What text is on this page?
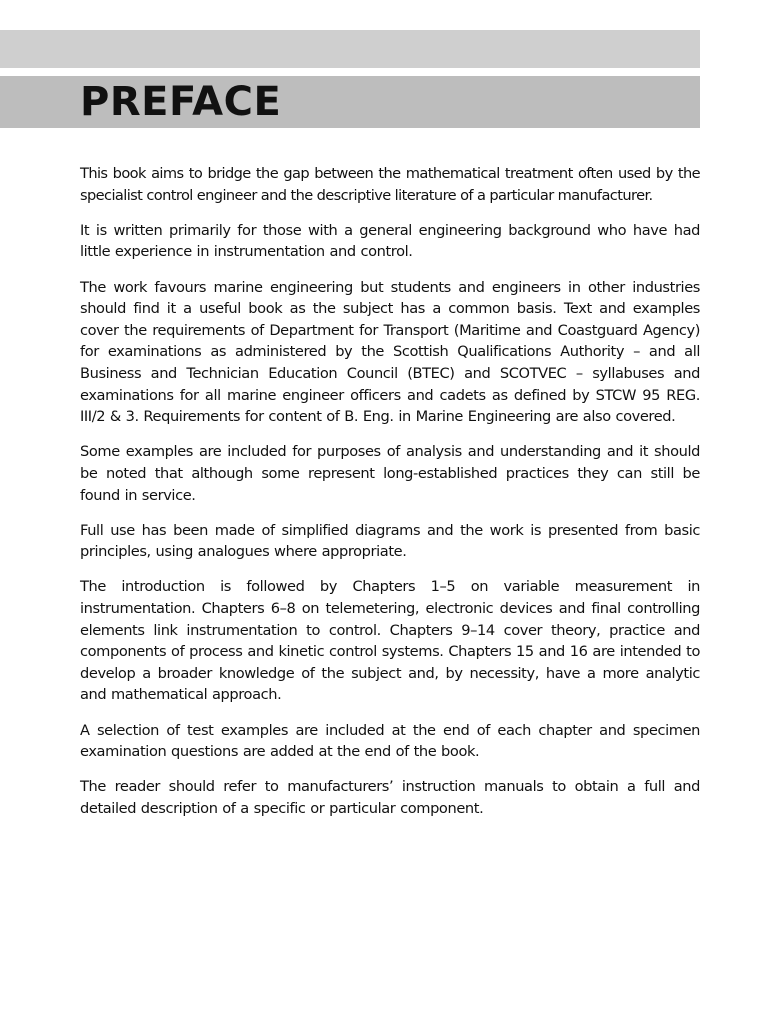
PREFACE

This book aims to bridge the gap between the mathematical treatment often used by the specialist control engineer and the descriptive literature of a particular manufacturer.

It is written primarily for those with a general engineering background who have had little experience in instrumentation and control.

The work favours marine engineering but students and engineers in other industries should find it a useful book as the subject has a common basis. Text and examples cover the requirements of Department for Transport (Maritime and Coastguard Agency) for examinations as administered by the Scottish Qualifications Authority – and all Business and Technician Education Council (BTEC) and SCOTVEC – syllabuses and examinations for all marine engineer officers and cadets as defined by STCW 95 REG. III/2 & 3. Requirements for content of B. Eng. in Marine Engineering are also covered.

Some examples are included for purposes of analysis and understanding and it should be noted that although some represent long-established practices they can still be found in service.

Full use has been made of simplified diagrams and the work is presented from basic principles, using analogues where appropriate.

The introduction is followed by Chapters 1–5 on variable measurement in instrumentation. Chapters 6–8 on telemetering, electronic devices and final controlling elements link instrumentation to control. Chapters 9–14 cover theory, practice and components of process and kinetic control systems. Chapters 15 and 16 are intended to develop a broader knowledge of the subject and, by necessity, have a more analytic and mathematical approach.

A selection of test examples are included at the end of each chapter and specimen examination questions are added at the end of the book.

The reader should refer to manufacturers’ instruction manuals to obtain a full and detailed description of a specific or particular component.
